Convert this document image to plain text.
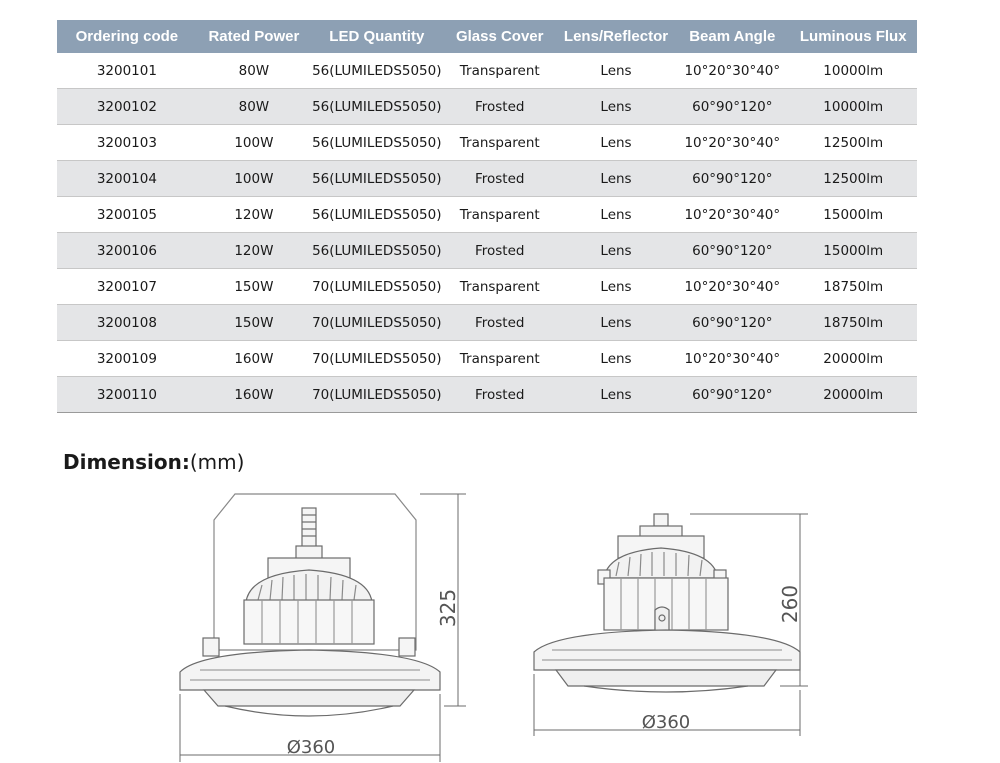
Ordering code	Rated Power	LED Quantity	Glass Cover	Lens/Reflector	Beam Angle	Luminous Flux
3200101	80W	56(LUMILEDS5050)	Transparent	Lens	10°20°30°40°	10000lm
3200102	80W	56(LUMILEDS5050)	Frosted	Lens	60°90°120°	10000lm
3200103	100W	56(LUMILEDS5050)	Transparent	Lens	10°20°30°40°	12500lm
3200104	100W	56(LUMILEDS5050)	Frosted	Lens	60°90°120°	12500lm
3200105	120W	56(LUMILEDS5050)	Transparent	Lens	10°20°30°40°	15000lm
3200106	120W	56(LUMILEDS5050)	Frosted	Lens	60°90°120°	15000lm
3200107	150W	70(LUMILEDS5050)	Transparent	Lens	10°20°30°40°	18750lm
3200108	150W	70(LUMILEDS5050)	Frosted	Lens	60°90°120°	18750lm
3200109	160W	70(LUMILEDS5050)	Transparent	Lens	10°20°30°40°	20000lm
3200110	160W	70(LUMILEDS5050)	Frosted	Lens	60°90°120°	20000lm
Dimension:(mm)
325
Ø360
260
Ø360
